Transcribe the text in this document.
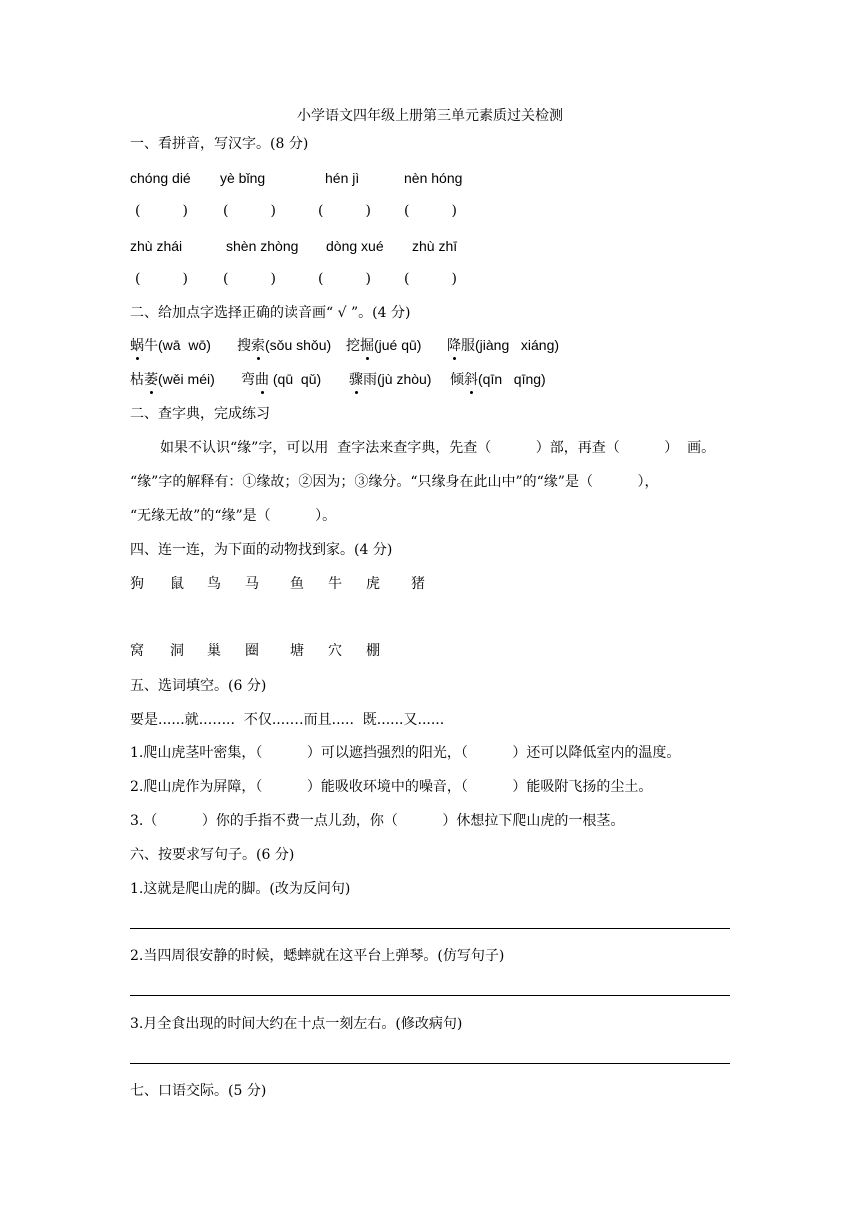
小学语文四年级上册第三单元素质过关检测
一、看拼音，写汉字。(8 分)
chóng dié yè bǐng	hén jì	nèn hóng
(　　　)	(　　　)	(　　　) (　　　)
zhù zhái	shèn zhòng dòng xué zhù zhī
(　　　)	(　　　)	(　　　) (　　　)
二、给加点字选择正确的读音画“ √ ”。(4 分)
蜗牛(wā  wō) 搜索(sǒu shǒu) 挖掘(jué qū) 降服(jiàng   xiáng)
枯萎(wěi méi) 弯曲 (qū  qǔ) 骤雨(jù zhòu) 倾斜(qīn   qīng)
二、查字典，完成练习
如果不认识“缘”字，可以用  查字法来查字典，先查（          ）部，再查（          ）  画。
“缘”字的解释有：①缘故；②因为；③缘分。“只缘身在此山中”的“缘”是（          ），
“无缘无故”的“缘”是（          ）。
四、连一连，为下面的动物找到家。(4 分)
狗 鼠 鸟 马 鱼 牛 虎 猪
窝 洞 巢 圈 塘 穴 棚
五、选词填空。(6 分)
要是......就..…...  不仅....…而且.....  既......又......
1.爬山虎茎叶密集，（          ）可以遮挡强烈的阳光，（          ）还可以降低室内的温度。
2.爬山虎作为屏障，（          ）能吸收环境中的噪音，（          ）能吸附飞扬的尘土。
3.（          ）你的手指不费一点儿劲，你（          ）休想拉下爬山虎的一根茎。
六、按要求写句子。(6 分)
1.这就是爬山虎的脚。(改为反问句)
2.当四周很安静的时候，蟋蟀就在这平台上弹琴。(仿写句子)
3.月全食出现的时间大约在十点一刻左右。(修改病句)
七、口语交际。(5 分)
